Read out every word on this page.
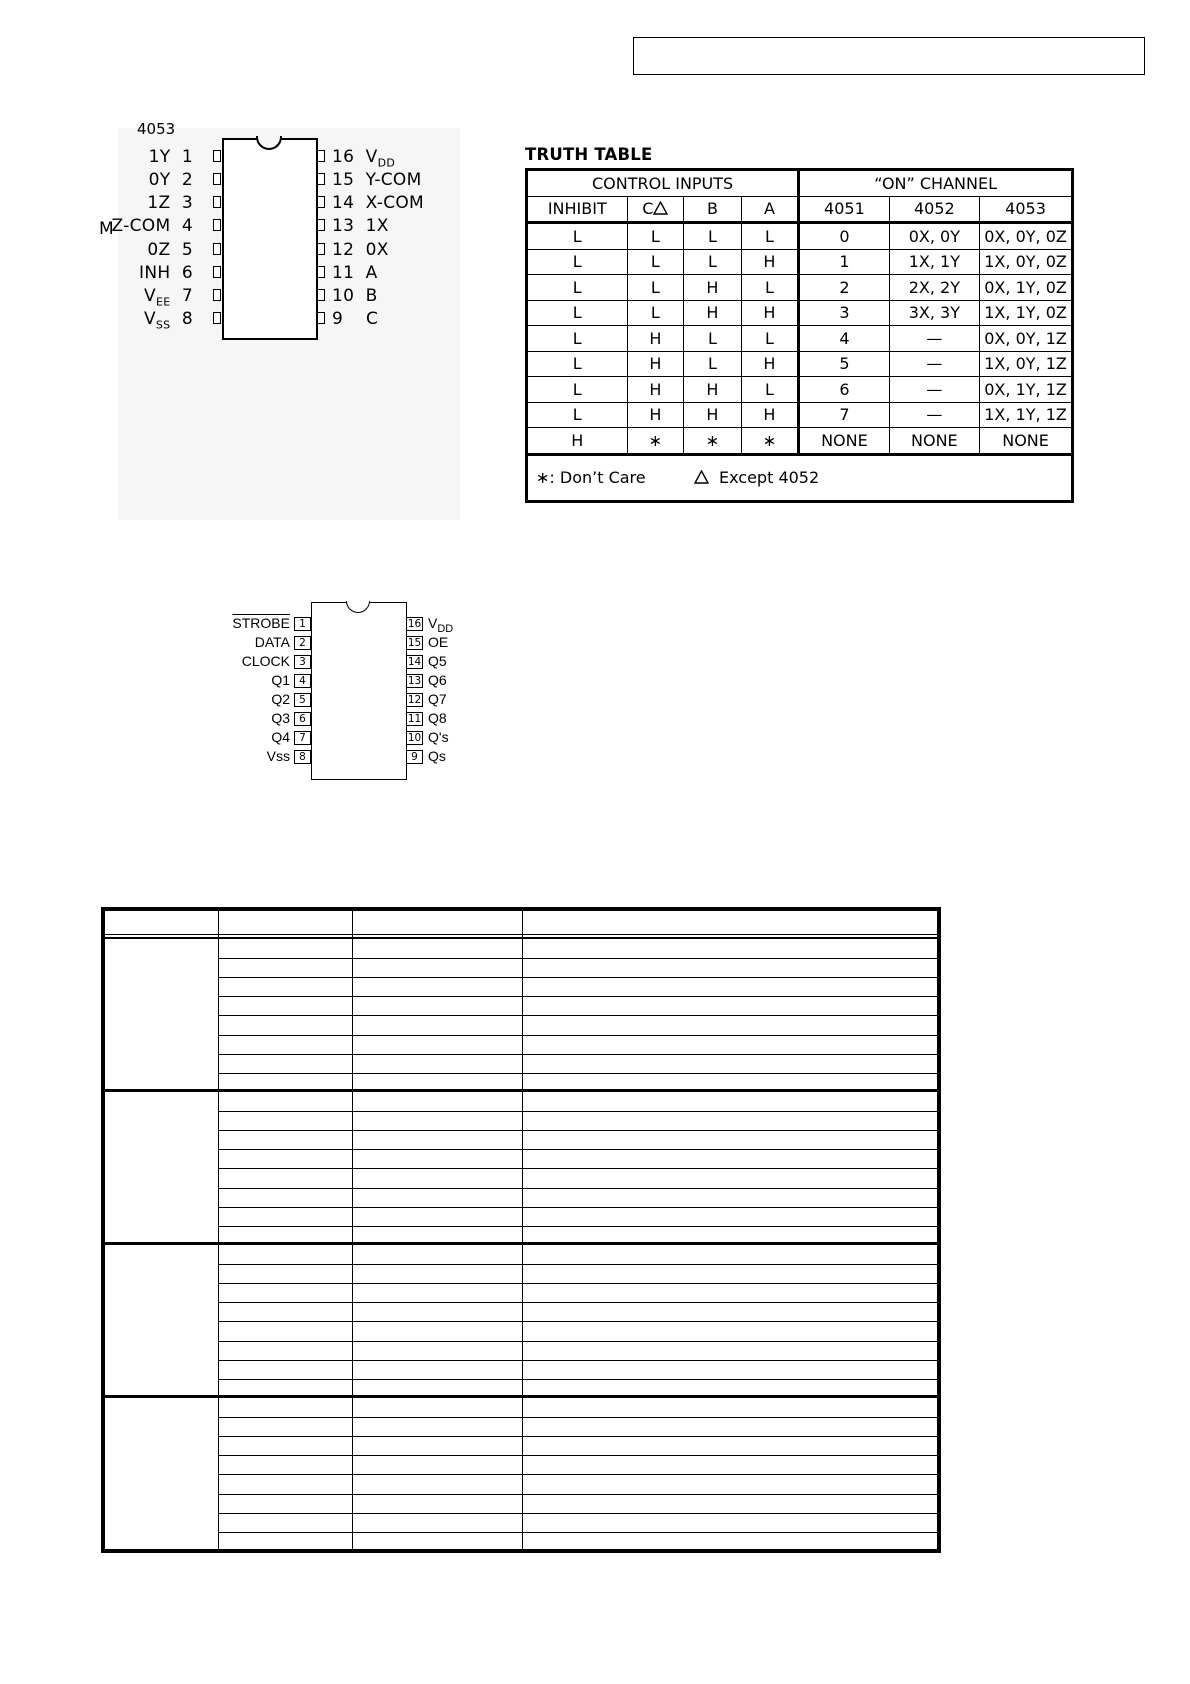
4053
M
1Y 1
0Y 2
1Z 3
Z-COM 4
0Z 5
INH 6
$V_{EE}$ 7
$V_{SS}$ 8
16 $V_{DD}$
15 Y-COM
14 X-COM
13 1X
12 0X
11 A
10 B
9 C
TRUTH TABLE
CONTROL INPUTS				“ON” CHANNEL		
INHIBIT	C	B	A	4051	4052	4053
L	L	L	L	0	0X, 0Y	0X, 0Y, 0Z
L	L	L	H	1	1X, 1Y	1X, 0Y, 0Z
L	L	H	L	2	2X, 2Y	0X, 1Y, 0Z
L	L	H	H	3	3X, 3Y	1X, 1Y, 0Z
L	H	L	L	4	—	0X, 0Y, 1Z
L	H	L	H	5	—	1X, 0Y, 1Z
L	H	H	L	6	—	0X, 1Y, 1Z
L	H	H	H	7	—	1X, 1Y, 1Z
H	∗	∗	∗	NONE	NONE	NONE
∗: Don’t Care Except 4052						
STROBE
DATA
CLOCK
Q1
Q2
Q3
Q4
Vss
1
2
3
4
5
6
7
8
16
15
14
13
12
11
10
9
$V_{DD}$
OE
Q5
Q6
Q7
Q8
Q's
Qs
